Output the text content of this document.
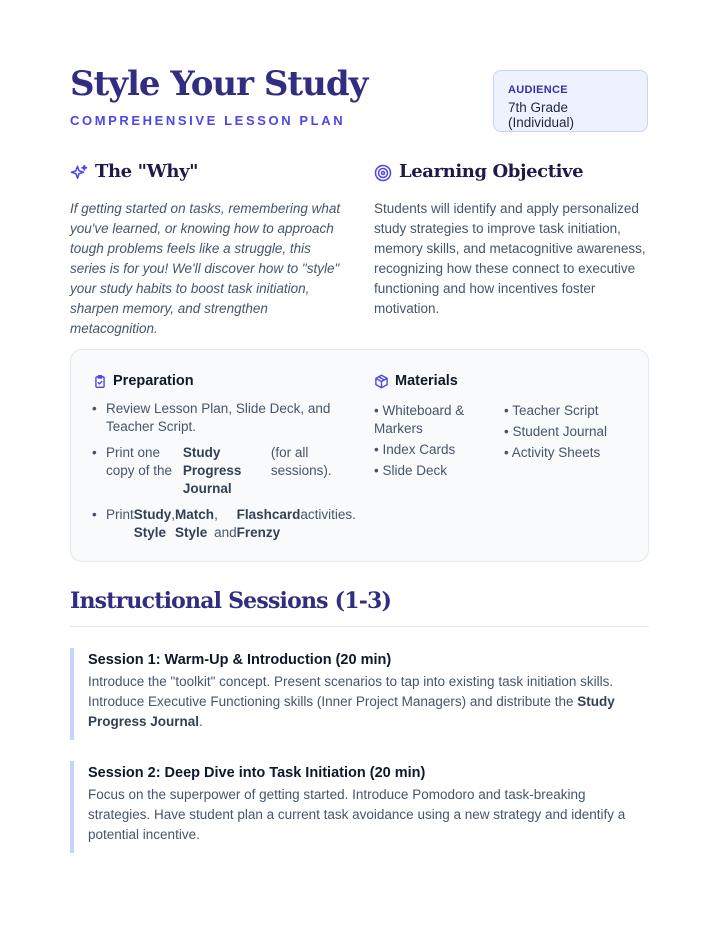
Style Your Study
COMPREHENSIVE LESSON PLAN
AUDIENCE
7th Grade (Individual)
The "Why"

If getting started on tasks, remembering what you've learned, or knowing how to approach tough problems feels like a struggle, this series is for you! We'll discover how to "style" your study habits to boost task initiation, sharpen memory, and strengthen metacognition.

Learning Objective

Students will identify and apply personalized study strategies to improve task initiation, memory skills, and metacognitive awareness, recognizing how these connect to executive functioning and how incentives foster motivation.

Preparation
• Review Lesson Plan, Slide Deck, and Teacher Script.
• Print one copy of the
Study Progress Journal
(for all sessions).
• Print Study Style
, Match Style
, and
Flashcard Frenzy
activities.
Materials
• Whiteboard & Markers
• Index Cards
• Slide Deck
• Teacher Script
• Student Journal
• Activity Sheets
Instructional Sessions (1-3)

Session 1: Warm-Up & Introduction (20 min)

Introduce the "toolkit" concept. Present scenarios to tap into existing task initiation skills. Introduce Executive Functioning skills (Inner Project Managers) and distribute the Study Progress Journal.

Session 2: Deep Dive into Task Initiation (20 min)

Focus on the superpower of getting started. Introduce Pomodoro and task-breaking strategies. Have student plan a current task avoidance using a new strategy and identify a potential incentive.
